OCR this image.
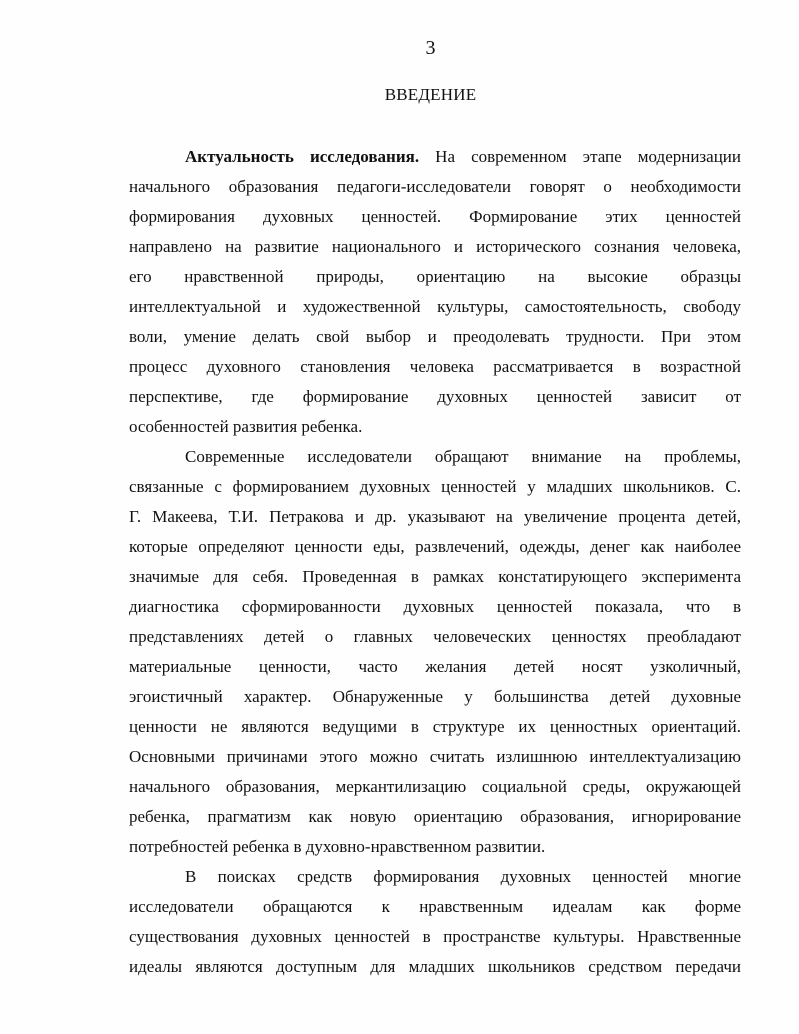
3
ВВЕДЕНИЕ
Актуальность исследования. На современном этапе модернизации
начального образования педагоги-исследователи говорят о необходимости
формирования духовных ценностей. Формирование этих ценностей
направлено на развитие национального и исторического сознания человека,
его нравственной природы, ориентацию на высокие образцы
интеллектуальной и художественной культуры, самостоятельность, свободу
воли, умение делать свой выбор и преодолевать трудности. При этом
процесс духовного становления человека рассматривается в возрастной
перспективе, где формирование духовных ценностей зависит от
особенностей развития ребенка.
Современные исследователи обращают внимание на проблемы,
связанные с формированием духовных ценностей у младших школьников. С.
Г. Макеева, Т.И. Петракова и др. указывают на увеличение процента детей,
которые определяют ценности еды, развлечений, одежды, денег как наиболее
значимые для себя. Проведенная в рамках констатирующего эксперимента
диагностика сформированности духовных ценностей показала, что в
представлениях детей о главных человеческих ценностях преобладают
материальные ценности, часто желания детей носят узколичный,
эгоистичный характер. Обнаруженные у большинства детей духовные
ценности не являются ведущими в структуре их ценностных ориентаций.
Основными причинами этого можно считать излишнюю интеллектуализацию
начального образования, меркантилизацию социальной среды, окружающей
ребенка, прагматизм как новую ориентацию образования, игнорирование
потребностей ребенка в духовно-нравственном развитии.
В поисках средств формирования духовных ценностей многие
исследователи обращаются к нравственным идеалам как форме
существования духовных ценностей в пространстве культуры. Нравственные
идеалы являются доступным для младших школьников средством передачи
